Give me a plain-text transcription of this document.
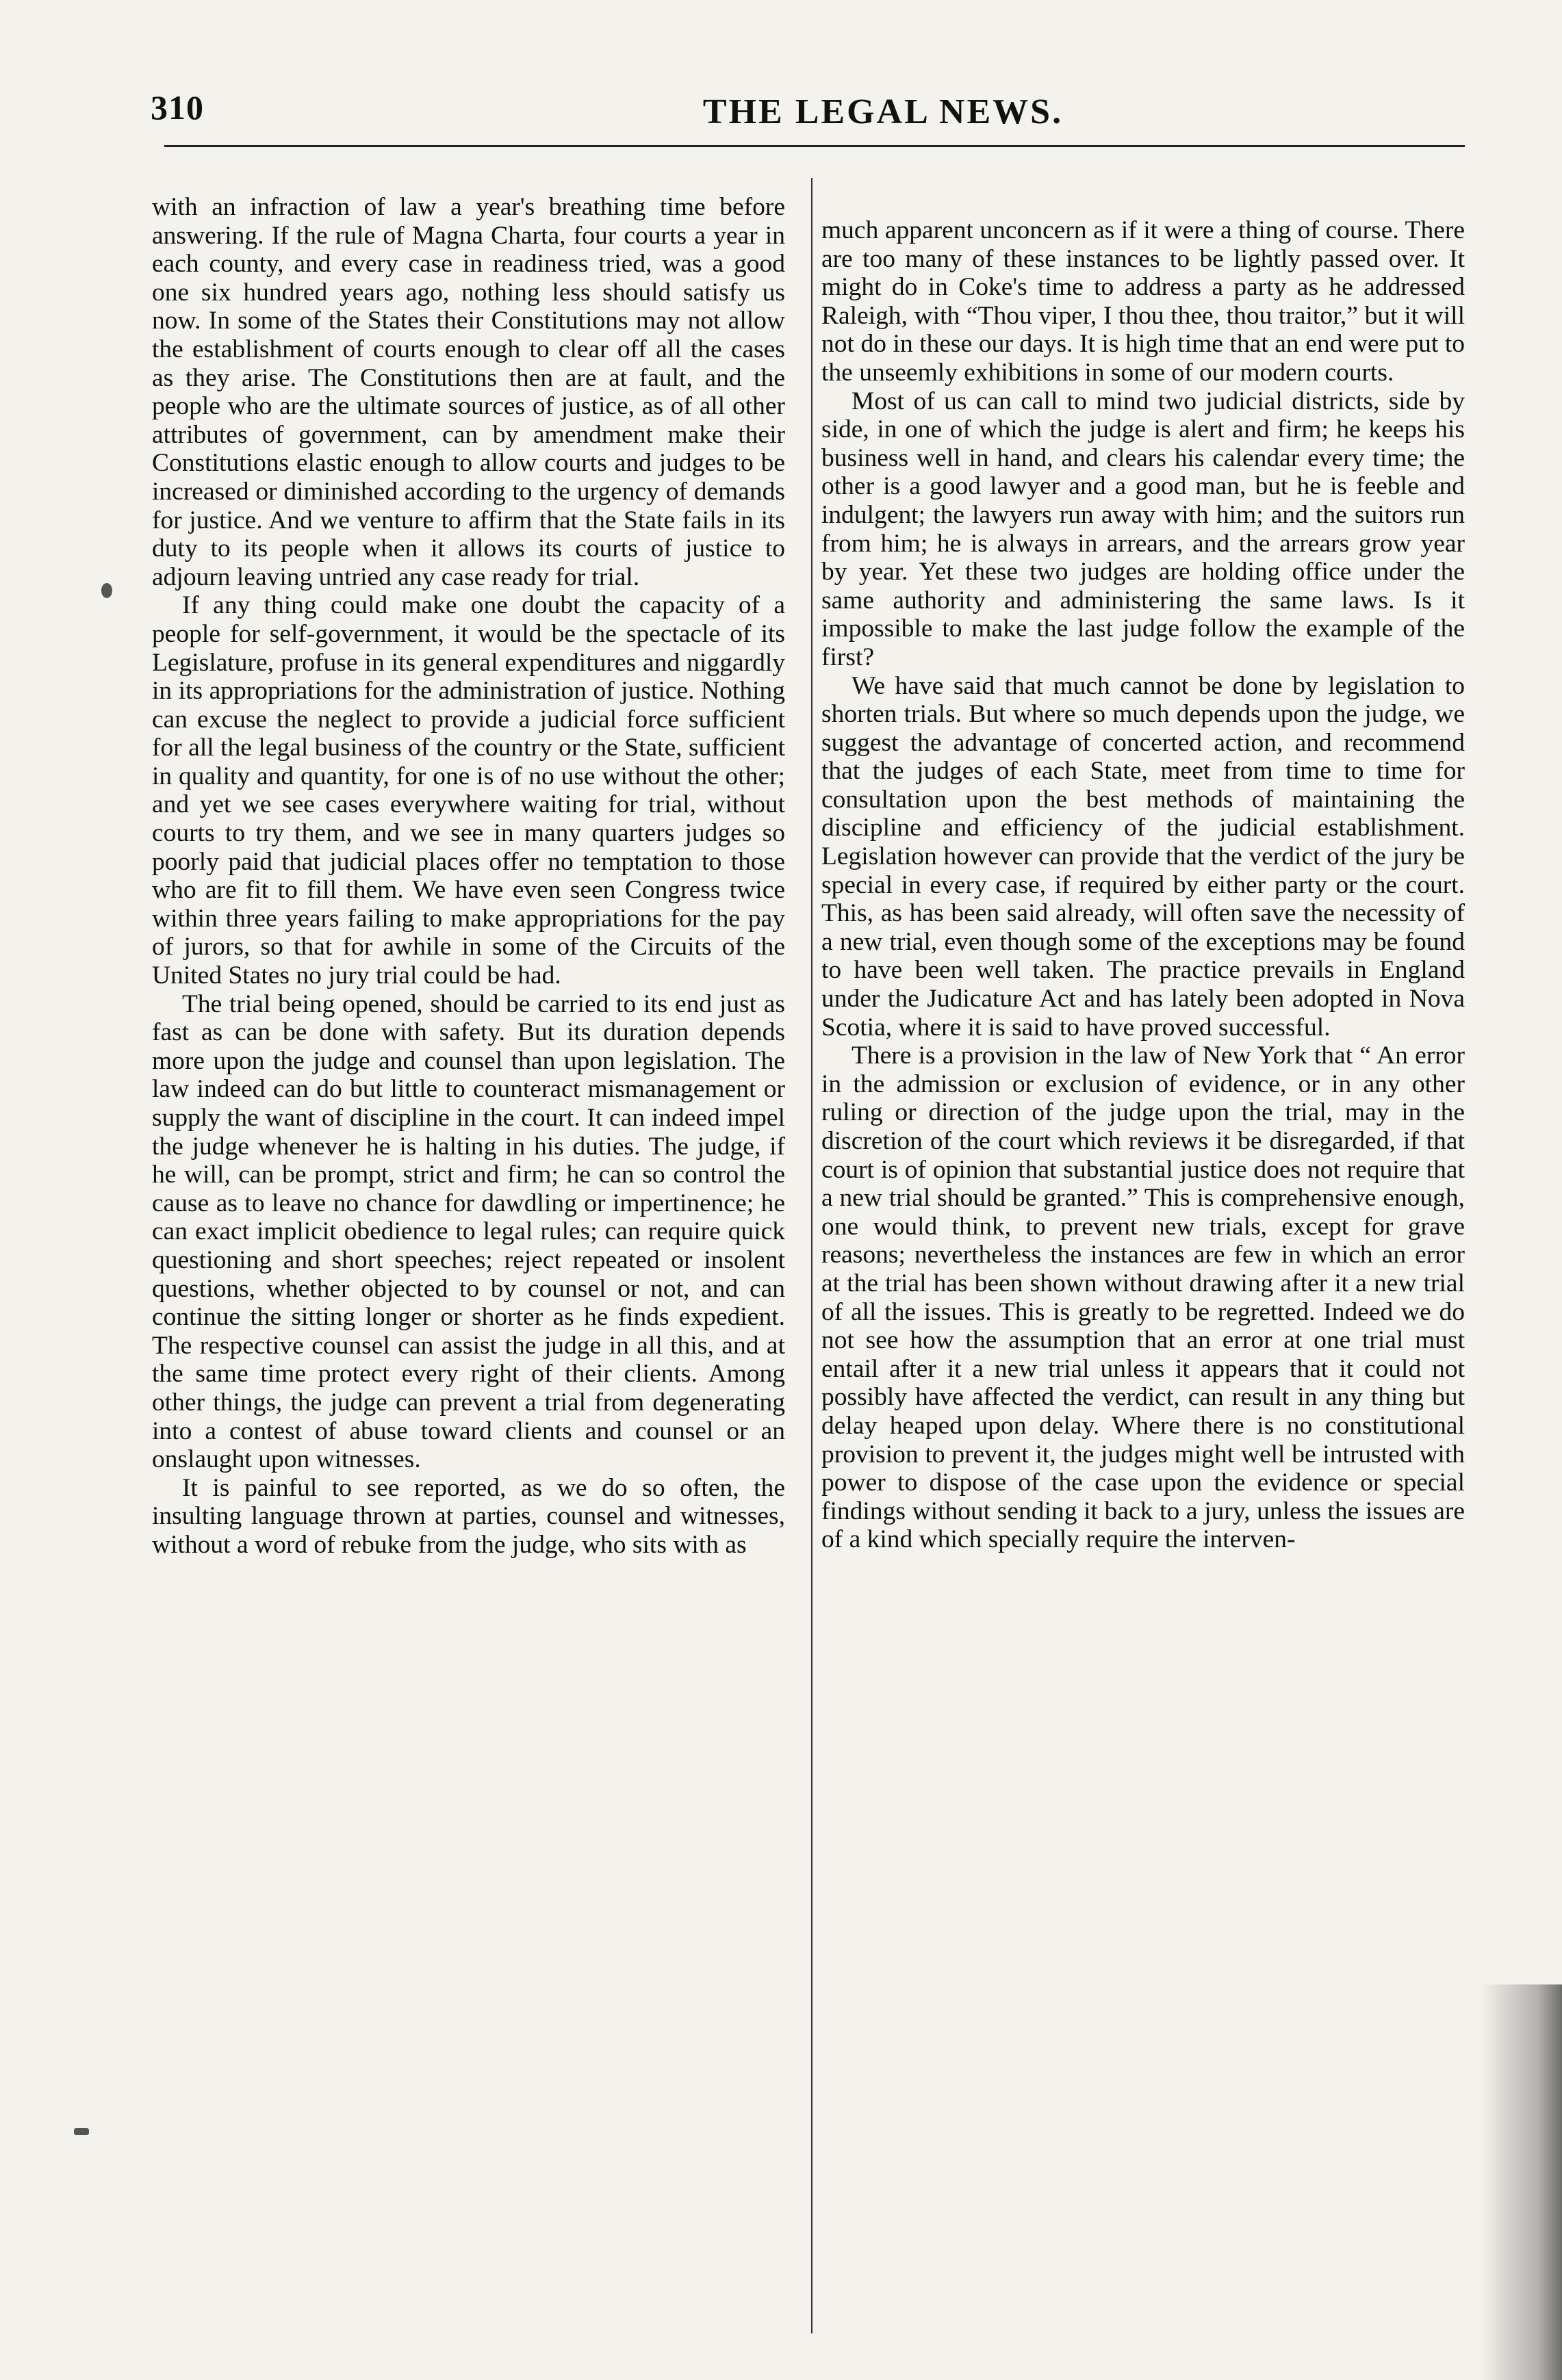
310	THE LEGAL NEWS.

with an infraction of law a year's breathing time before answering. If the rule of Magna Charta, four courts a year in each county, and every case in readiness tried, was a good one six hundred years ago, nothing less should satisfy us now. In some of the States their Constitutions may not allow the establishment of courts enough to clear off all the cases as they arise. The Constitutions then are at fault, and the people who are the ultimate sources of justice, as of all other attributes of government, can by amendment make their Constitutions elastic enough to allow courts and judges to be increased or diminished according to the urgency of demands for justice. And we venture to affirm that the State fails in its duty to its people when it allows its courts of justice to adjourn leaving untried any case ready for trial.

If any thing could make one doubt the capacity of a people for self-government, it would be the spectacle of its Legislature, profuse in its general expenditures and niggardly in its appropriations for the administration of justice. Nothing can excuse the neglect to provide a judicial force sufficient for all the legal business of the country or the State, sufficient in quality and quantity, for one is of no use without the other; and yet we see cases everywhere waiting for trial, without courts to try them, and we see in many quarters judges so poorly paid that judicial places offer no temptation to those who are fit to fill them. We have even seen Congress twice within three years failing to make appropriations for the pay of jurors, so that for awhile in some of the Circuits of the United States no jury trial could be had.

The trial being opened, should be carried to its end just as fast as can be done with safety. But its duration depends more upon the judge and counsel than upon legislation. The law indeed can do but little to counteract mismanagement or supply the want of discipline in the court. It can indeed impel the judge whenever he is halting in his duties. The judge, if he will, can be prompt, strict and firm; he can so control the cause as to leave no chance for dawdling or impertinence; he can exact implicit obedience to legal rules; can require quick questioning and short speeches; reject repeated or insolent questions, whether objected to by counsel or not, and can continue the sitting longer or shorter as he finds expedient. The respective counsel can assist the judge in all this, and at the same time protect every right of their clients. Among other things, the judge can prevent a trial from degenerating into a contest of abuse toward clients and counsel or an onslaught upon witnesses.

It is painful to see reported, as we do so often, the insulting language thrown at parties, counsel and witnesses, without a word of rebuke from the judge, who sits with as

much apparent unconcern as if it were a thing of course. There are too many of these instances to be lightly passed over. It might do in Coke's time to address a party as he addressed Raleigh, with “Thou viper, I thou thee, thou traitor,” but it will not do in these our days. It is high time that an end were put to the unseemly exhibitions in some of our modern courts.

Most of us can call to mind two judicial districts, side by side, in one of which the judge is alert and firm; he keeps his business well in hand, and clears his calendar every time; the other is a good lawyer and a good man, but he is feeble and indulgent; the lawyers run away with him; and the suitors run from him; he is always in arrears, and the arrears grow year by year. Yet these two judges are holding office under the same authority and administering the same laws. Is it impossible to make the last judge follow the example of the first?

We have said that much cannot be done by legislation to shorten trials. But where so much depends upon the judge, we suggest the advantage of concerted action, and recommend that the judges of each State, meet from time to time for consultation upon the best methods of maintaining the discipline and efficiency of the judicial establishment. Legislation however can provide that the verdict of the jury be special in every case, if required by either party or the court. This, as has been said already, will often save the necessity of a new trial, even though some of the exceptions may be found to have been well taken. The practice prevails in England under the Judicature Act and has lately been adopted in Nova Scotia, where it is said to have proved successful.

There is a provision in the law of New York that “ An error in the admission or exclusion of evidence, or in any other ruling or direction of the judge upon the trial, may in the discretion of the court which reviews it be disregarded, if that court is of opinion that substantial justice does not require that a new trial should be granted.” This is comprehensive enough, one would think, to prevent new trials, except for grave reasons; nevertheless the instances are few in which an error at the trial has been shown without drawing after it a new trial of all the issues. This is greatly to be regretted. Indeed we do not see how the assumption that an error at one trial must entail after it a new trial unless it appears that it could not possibly have affected the verdict, can result in any thing but delay heaped upon delay. Where there is no constitutional provision to prevent it, the judges might well be intrusted with power to dispose of the case upon the evidence or special findings without sending it back to a jury, unless the issues are of a kind which specially require the interven-
